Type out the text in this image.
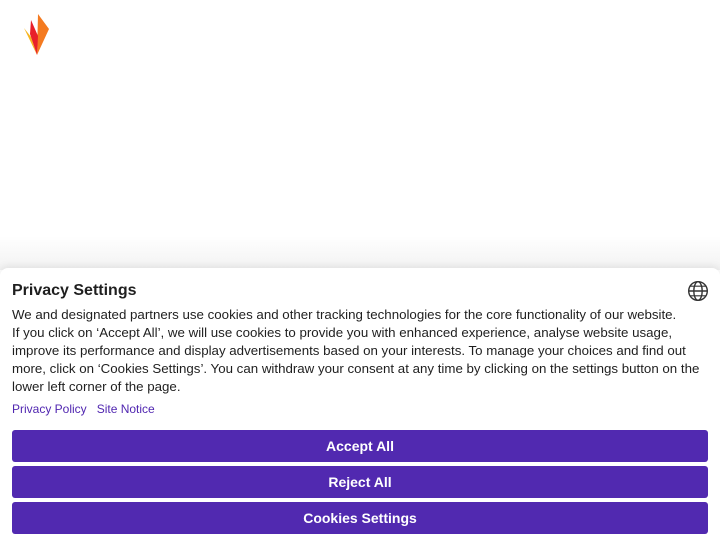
Privacy Settings

We and designated partners use cookies and other tracking technologies for the core functionality of our website.

If you click on ‘Accept All’, we will use cookies to provide you with enhanced experience, analyse website usage, improve its performance and display advertisements based on your interests. To manage your choices and find out more, click on ‘Cookies Settings’. You can withdraw your consent at any time by clicking on the settings button on the lower left corner of the page.

Privacy Policy Site Notice
Accept All
Reject All
Cookies Settings
